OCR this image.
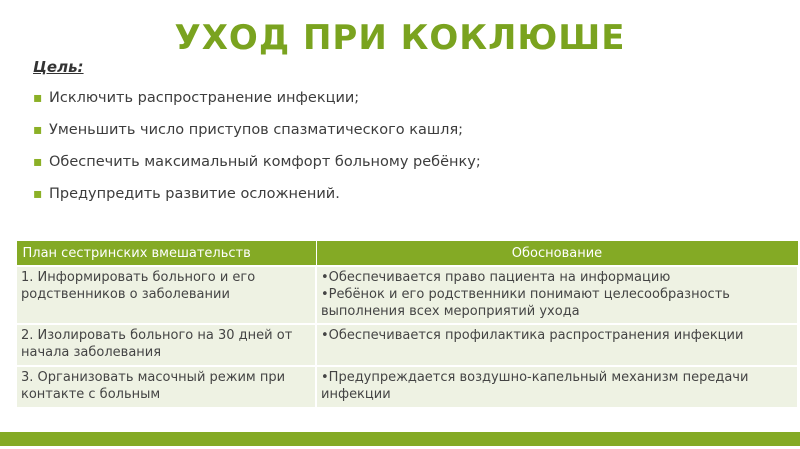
УХОД ПРИ КОКЛЮШЕ
Цель:
▪ Исключить распространение инфекции;
▪ Уменьшить число приступов спазматического кашля;
▪ Обеспечить максимальный комфорт больному ребёнку;
▪ Предупредить развитие осложнений.
План сестринских вмешательств	Обоснование
1. Информировать больного и его родственников о заболевании	•Обеспечивается право пациента на информацию
•Ребёнок и его родственники понимают целесообразность выполнения всех мероприятий ухода

2. Изолировать больного на 30 дней от начала заболевания	•Обеспечивается профилактика распространения инфекции

3. Организовать масочный режим при контакте с больным	•Предупреждается воздушно-капельный механизм передачи инфекции
